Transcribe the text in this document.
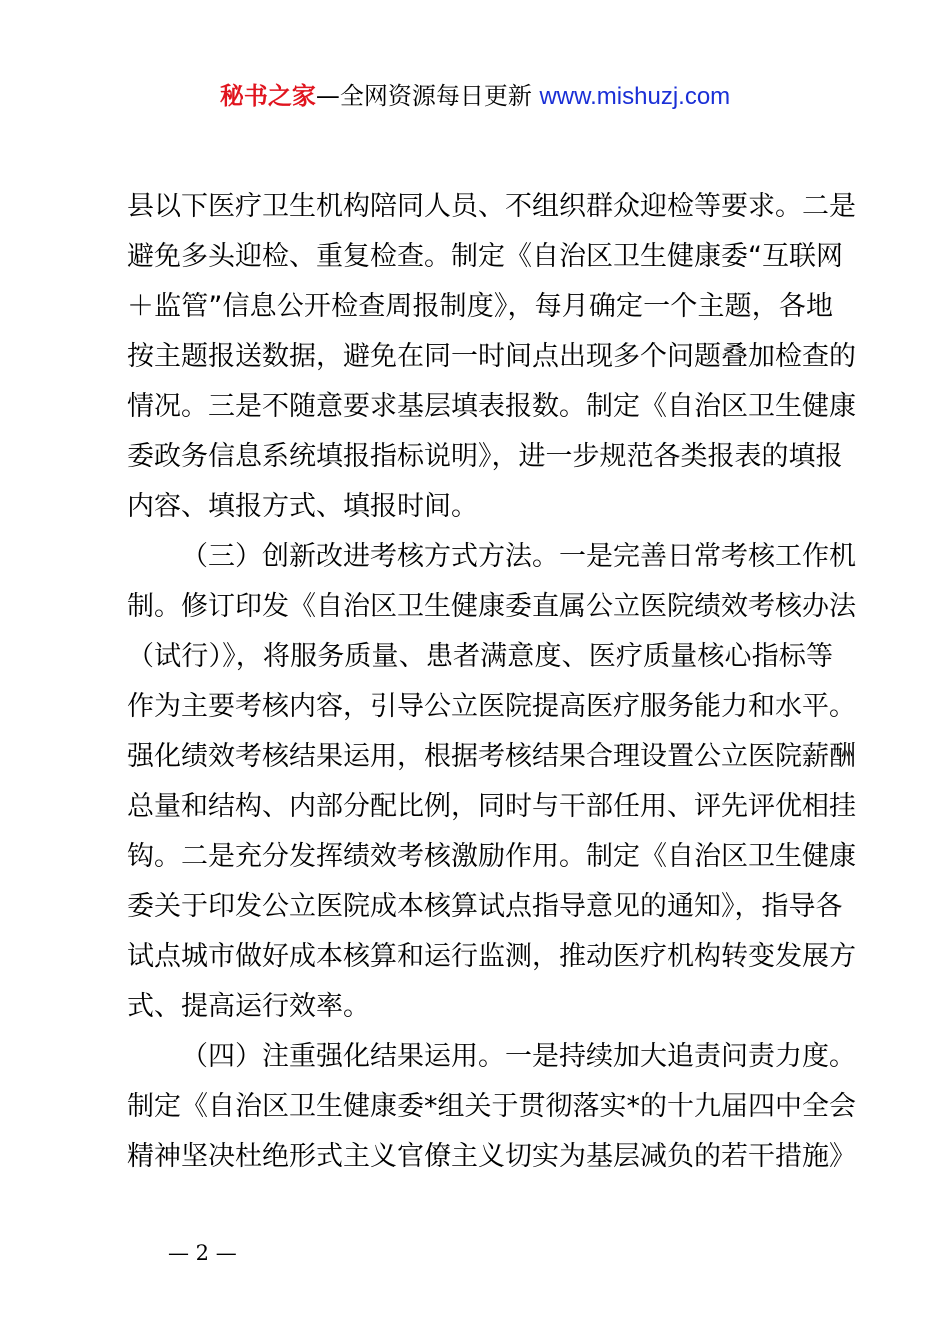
秘书之家—全网资源每日更新 www.mishuzj.com
县以下医疗卫生机构陪同人员、不组织群众迎检等要求。二是
避免多头迎检、重复检查。制定《自治区卫生健康委“互联网
＋监管”信息公开检查周报制度》，每月确定一个主题，各地
按主题报送数据，避免在同一时间点出现多个问题叠加检查的
情况。三是不随意要求基层填表报数。制定《自治区卫生健康
委政务信息系统填报指标说明》，进一步规范各类报表的填报
内容、填报方式、填报时间。
（三）创新改进考核方式方法。一是完善日常考核工作机
制。修订印发《自治区卫生健康委直属公立医院绩效考核办法
（试行）》，将服务质量、患者满意度、医疗质量核心指标等
作为主要考核内容，引导公立医院提高医疗服务能力和水平。
强化绩效考核结果运用，根据考核结果合理设置公立医院薪酬
总量和结构、内部分配比例，同时与干部任用、评先评优相挂
钩。二是充分发挥绩效考核激励作用。制定《自治区卫生健康
委关于印发公立医院成本核算试点指导意见的通知》，指导各
试点城市做好成本核算和运行监测，推动医疗机构转变发展方
式、提高运行效率。
（四）注重强化结果运用。一是持续加大追责问责力度。
制定《自治区卫生健康委*组关于贯彻落实*的十九届四中全会
精神坚决杜绝形式主义官僚主义切实为基层减负的若干措施》
— 2 —
